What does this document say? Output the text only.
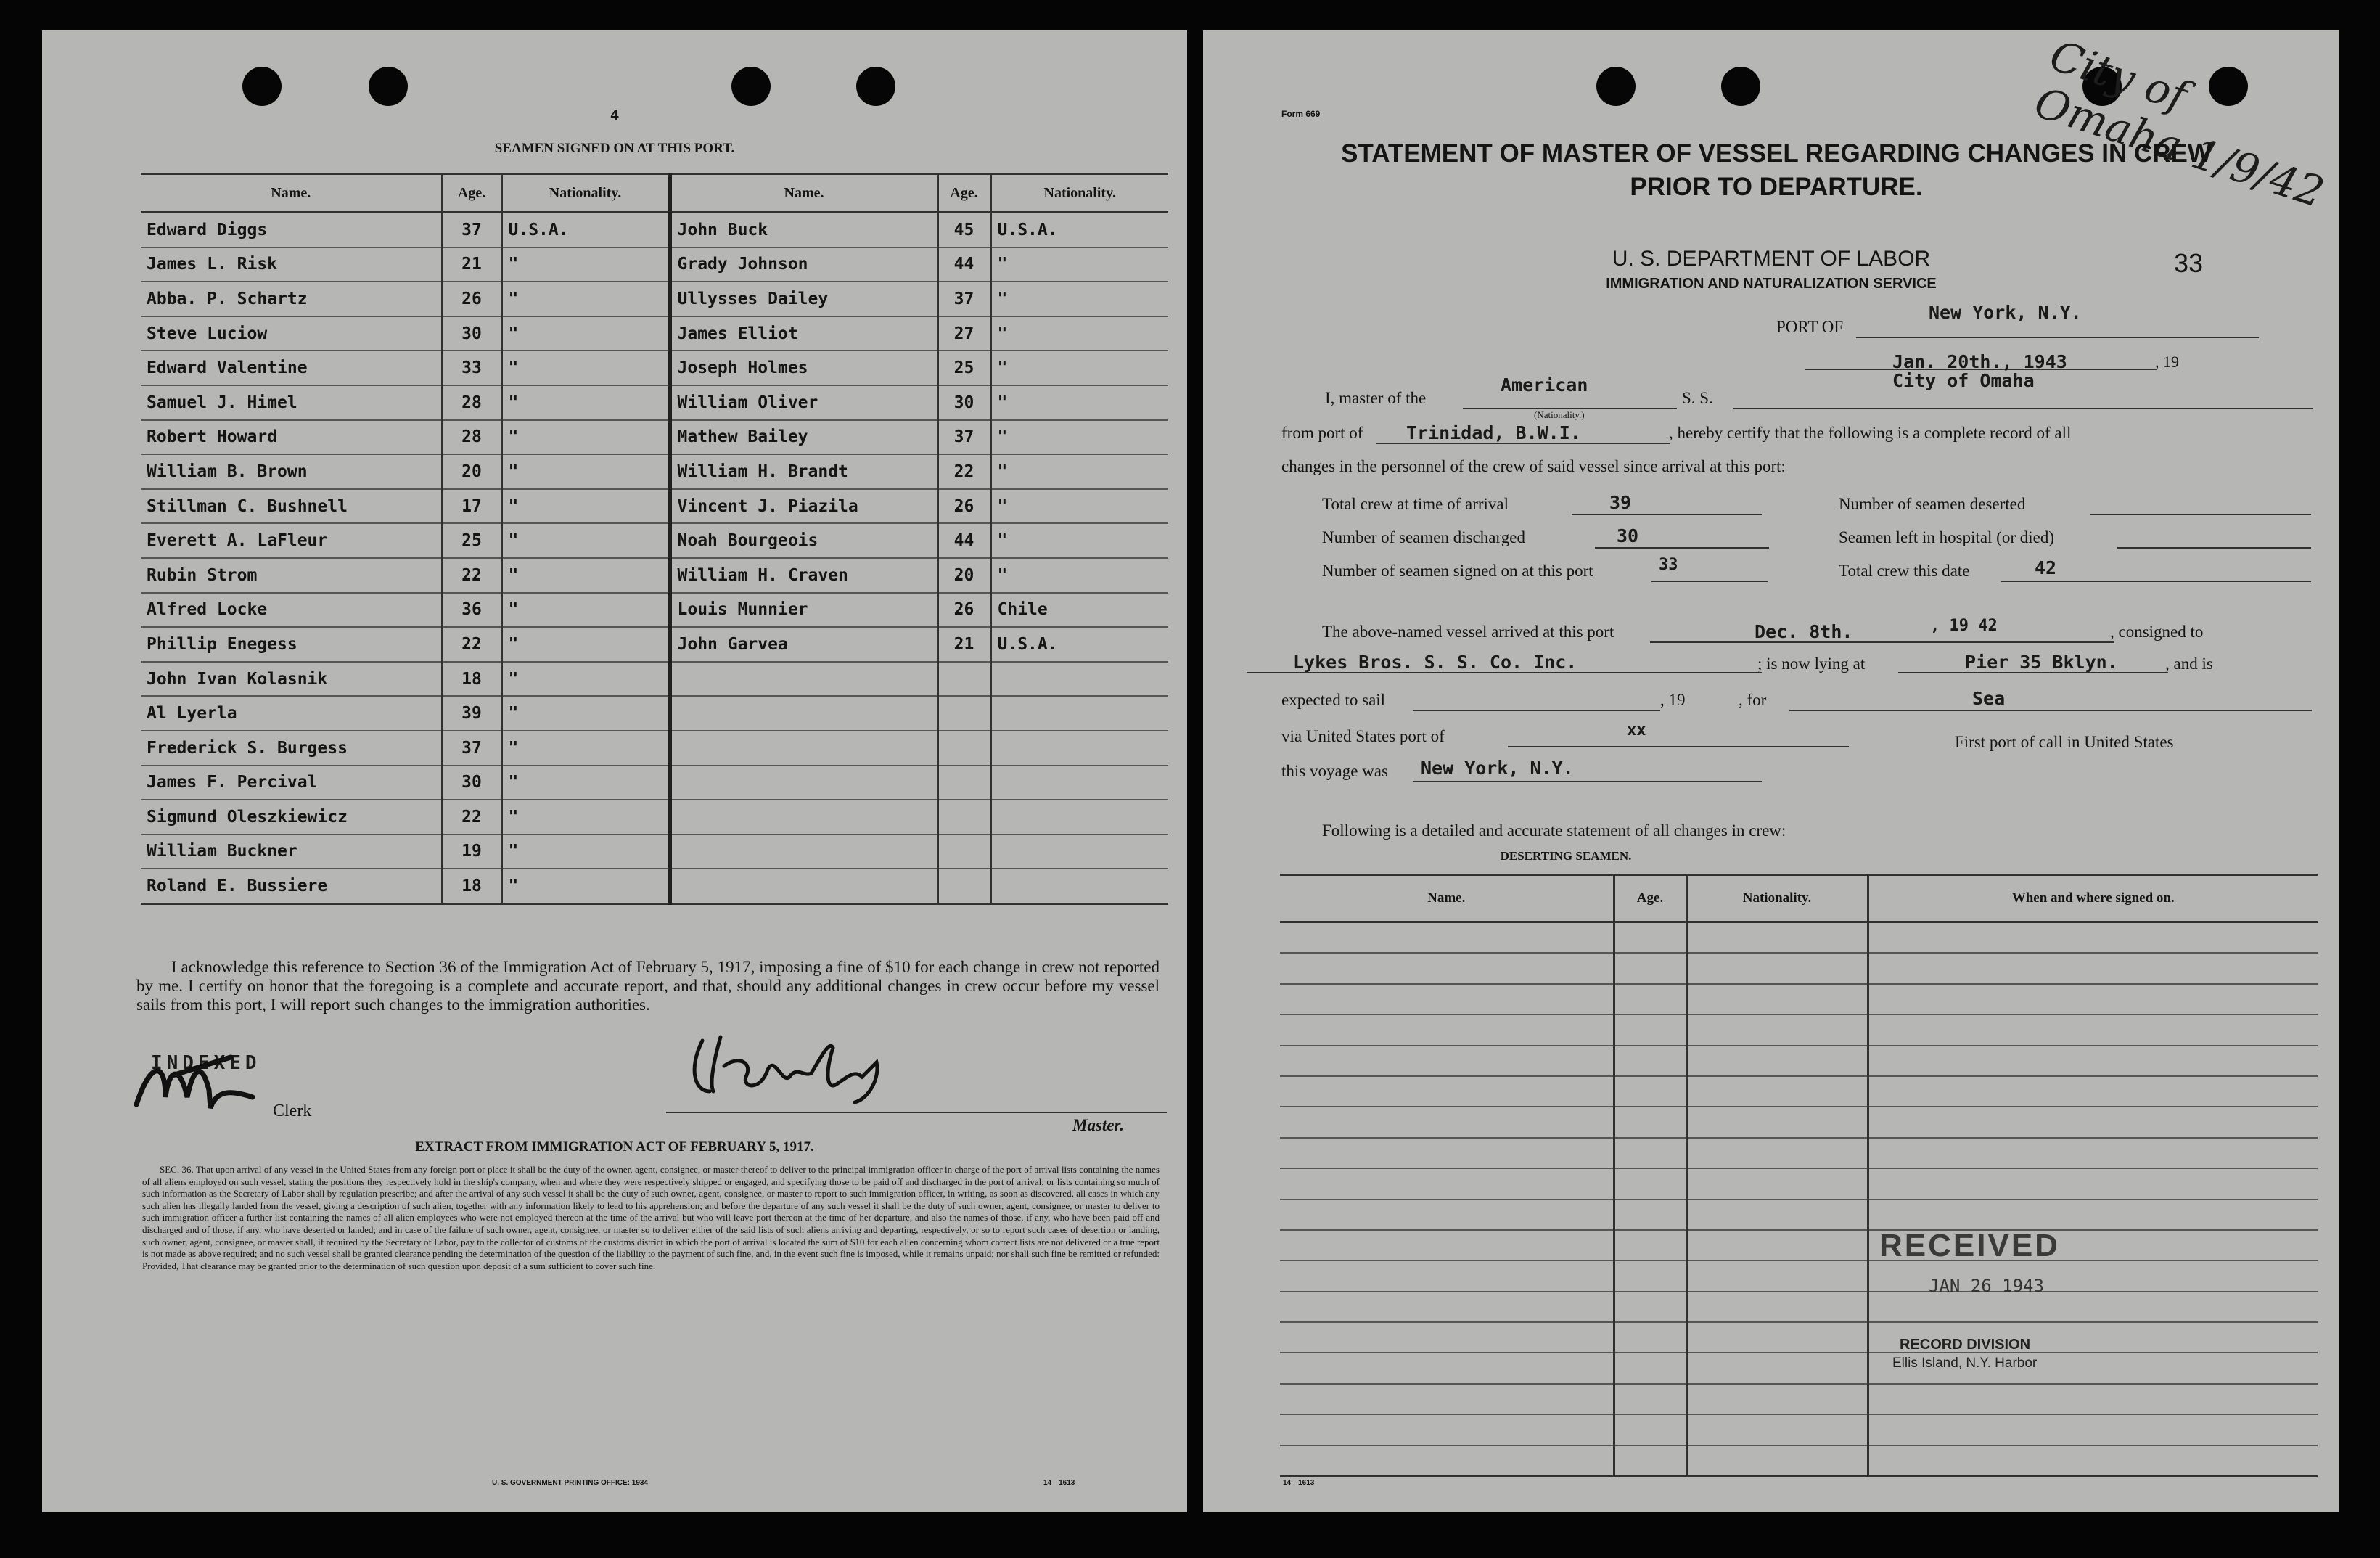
4
SEAMEN SIGNED ON AT THIS PORT.
Name.	Age.	Nationality.	Name.	Age.	Nationality.
Edward Diggs	37	U.S.A.	John Buck	45	U.S.A.
James L. Risk	21	"	Grady Johnson	44	"
Abba. P. Schartz	26	"	Ullysses Dailey	37	"
Steve Luciow	30	"	James Elliot	27	"
Edward Valentine	33	"	Joseph Holmes	25	"
Samuel J. Himel	28	"	William Oliver	30	"
Robert Howard	28	"	Mathew Bailey	37	"
William B. Brown	20	"	William H. Brandt	22	"
Stillman C. Bushnell	17	"	Vincent J. Piazila	26	"
Everett A. LaFleur	25	"	Noah Bourgeois	44	"
Rubin Strom	22	"	William H. Craven	20	"
Alfred Locke	36	"	Louis Munnier	26	Chile
Phillip Enegess	22	"	John Garvea	21	U.S.A.
John Ivan Kolasnik	18	"			
Al Lyerla	39	"			
Frederick S. Burgess	37	"			
James F. Percival	30	"			
Sigmund Oleszkiewicz	22	"			
William Buckner	19	"			
Roland E. Bussiere	18	"			
I acknowledge this reference to Section 36 of the Immigration Act of February 5, 1917, imposing a fine of $10 for each change in crew not reported by me. I certify on honor that the foregoing is a complete and accurate report, and that, should any additional changes in crew occur before my vessel sails from this port, I will report such changes to the immigration authorities.
INDEXED
Clerk
Master.
EXTRACT FROM IMMIGRATION ACT OF FEBRUARY 5, 1917.
SEC. 36. That upon arrival of any vessel in the United States from any foreign port or place it shall be the duty of the owner, agent, consignee, or master thereof to deliver to the principal immigration officer in charge of the port of arrival lists containing the names of all aliens employed on such vessel, stating the positions they respectively hold in the ship's company, when and where they were respectively shipped or engaged, and specifying those to be paid off and discharged in the port of arrival; or lists containing so much of such information as the Secretary of Labor shall by regulation prescribe; and after the arrival of any such vessel it shall be the duty of such owner, agent, consignee, or master to report to such immigration officer, in writing, as soon as discovered, all cases in which any such alien has illegally landed from the vessel, giving a description of such alien, together with any information likely to lead to his apprehension; and before the departure of any such vessel it shall be the duty of such owner, agent, consignee, or master to deliver to such immigration officer a further list containing the names of all alien employees who were not employed thereon at the time of the arrival but who will leave port thereon at the time of her departure, and also the names of those, if any, who have been paid off and discharged and of those, if any, who have deserted or landed; and in case of the failure of such owner, agent, consignee, or master so to deliver either of the said lists of such aliens arriving and departing, respectively, or so to report such cases of desertion or landing, such owner, agent, consignee, or master shall, if required by the Secretary of Labor, pay to the collector of customs of the customs district in which the port of arrival is located the sum of $10 for each alien concerning whom correct lists are not delivered or a true report is not made as above required; and no such vessel shall be granted clearance pending the determination of the question of the liability to the payment of such fine, and, in the event such fine is imposed, while it remains unpaid; nor shall such fine be remitted or refunded: Provided, That clearance may be granted prior to the determination of such question upon deposit of a sum sufficient to cover such fine.
U. S. GOVERNMENT PRINTING OFFICE: 1934	14—1613
City of Omaha 1/9/42
Form 669
STATEMENT OF MASTER OF VESSEL REGARDING CHANGES IN CREW
PRIOR TO DEPARTURE.
U. S. DEPARTMENT OF LABOR
IMMIGRATION AND NATURALIZATION SERVICE
33
PORT OF
New York, N.Y.
Jan. 20th., 1943	, 19
I, master of the
American
(Nationality.)
S. S.
City of Omaha
from port of Trinidad, B.W.I.	, hereby certify that the following is a complete record of all
changes in the personnel of the crew of said vessel since arrival at this port:
Total crew at time of arrival	39	Number of seamen deserted
Number of seamen discharged	30	Seamen left in hospital (or died)
Number of seamen signed on at this port	33	Total crew this date	42
The above-named vessel arrived at this port	Dec. 8th.	, 19 42	, consigned to
Lykes Bros. S. S. Co. Inc.	; is now lying at	Pier 35 Bklyn.	, and is
expected to sail	, 19	, for	Sea
via United States port of	xx
First port of call in United States
this voyage was New York, N.Y.
Following is a detailed and accurate statement of all changes in crew:
DESERTING SEAMEN.
Name.	Age.	Nationality.	When and where signed on.

RECEIVED
JAN 26 1943
RECORD DIVISION
Ellis Island, N.Y. Harbor
14—1613
